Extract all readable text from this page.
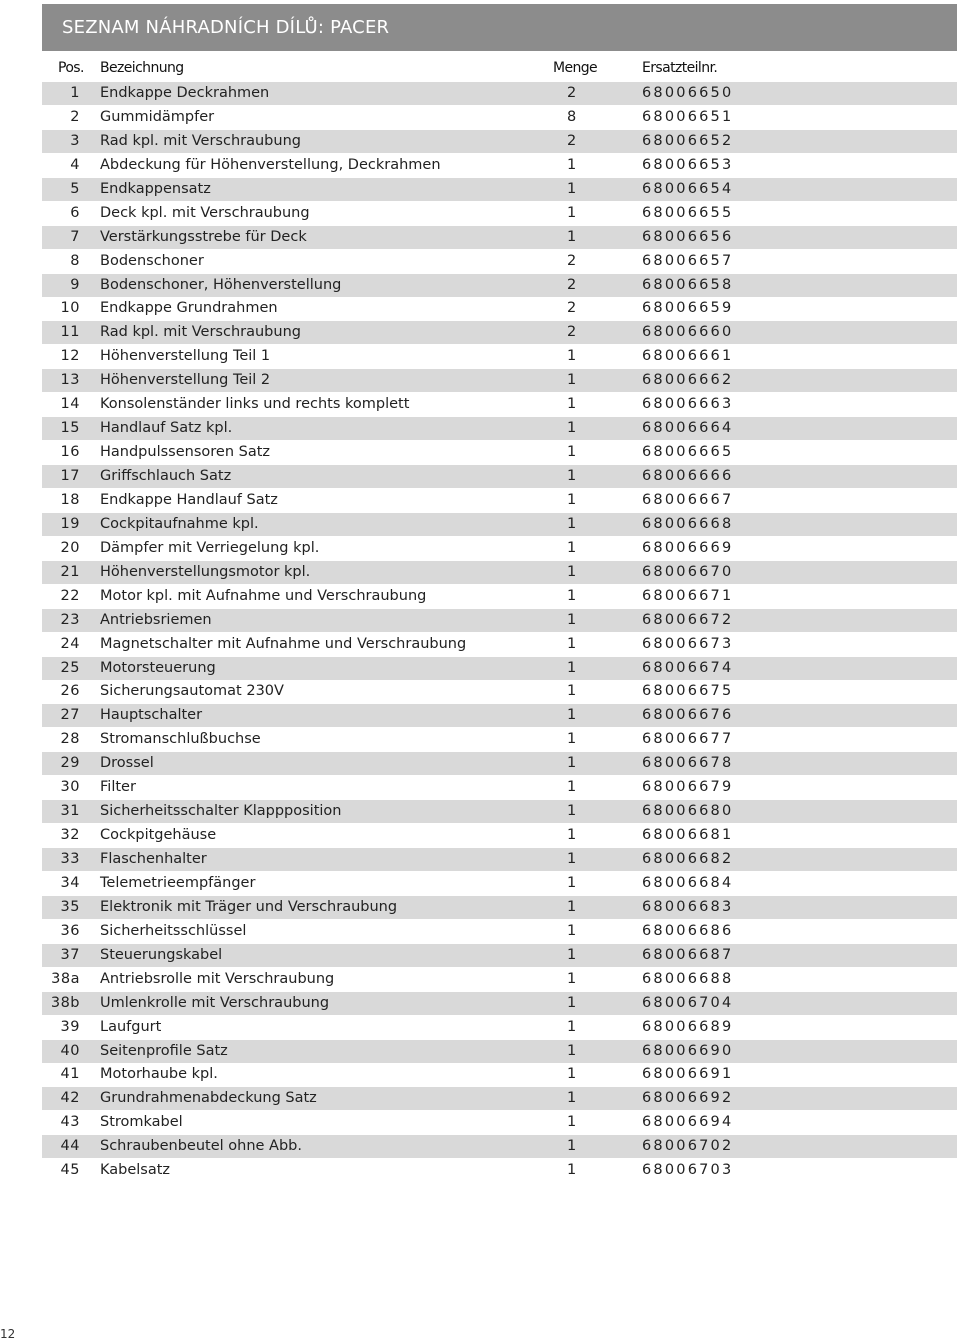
SEZNAM NÁHRADNÍCH DÍLŮ: PACER
Pos. Bezeichnung	Menge	Ersatzteilnr.
1 Endkappe Deckrahmen	2	68006650
2 Gummidämpfer	8	68006651
3 Rad kpl. mit Verschraubung	2	68006652
4 Abdeckung für Höhenverstellung, Deckrahmen	1	68006653
5 Endkappensatz	1	68006654
6 Deck kpl. mit Verschraubung	1	68006655
7 Verstärkungsstrebe für Deck	1	68006656
8 Bodenschoner	2	68006657
9 Bodenschoner, Höhenverstellung	2	68006658
10 Endkappe Grundrahmen	2	68006659
11 Rad kpl. mit Verschraubung	2	68006660
12 Höhenverstellung Teil 1	1	68006661
13 Höhenverstellung Teil 2	1	68006662
14 Konsolenständer links und rechts komplett	1	68006663
15 Handlauf Satz kpl.	1	68006664
16 Handpulssensoren Satz	1	68006665
17 Griffschlauch Satz	1	68006666
18 Endkappe Handlauf Satz	1	68006667
19 Cockpitaufnahme kpl.	1	68006668
20 Dämpfer mit Verriegelung kpl.	1	68006669
21 Höhenverstellungsmotor kpl.	1	68006670
22 Motor kpl. mit Aufnahme und Verschraubung	1	68006671
23 Antriebsriemen	1	68006672
24 Magnetschalter mit Aufnahme und Verschraubung	1	68006673
25 Motorsteuerung	1	68006674
26 Sicherungsautomat 230V	1	68006675
27 Hauptschalter	1	68006676
28 Stromanschlußbuchse	1	68006677
29 Drossel	1	68006678
30 Filter	1	68006679
31 Sicherheitsschalter Klappposition	1	68006680
32 Cockpitgehäuse	1	68006681
33 Flaschenhalter	1	68006682
34 Telemetrieempfänger	1	68006684
35 Elektronik mit Träger und Verschraubung	1	68006683
36 Sicherheitsschlüssel	1	68006686
37 Steuerungskabel	1	68006687
38a Antriebsrolle mit Verschraubung	1	68006688
38b Umlenkrolle mit Verschraubung	1	68006704
39 Laufgurt	1	68006689
40 Seitenprofile Satz	1	68006690
41 Motorhaube kpl.	1	68006691
42 Grundrahmenabdeckung Satz	1	68006692
43 Stromkabel	1	68006694
44 Schraubenbeutel ohne Abb.	1	68006702
45 Kabelsatz	1	68006703
12
